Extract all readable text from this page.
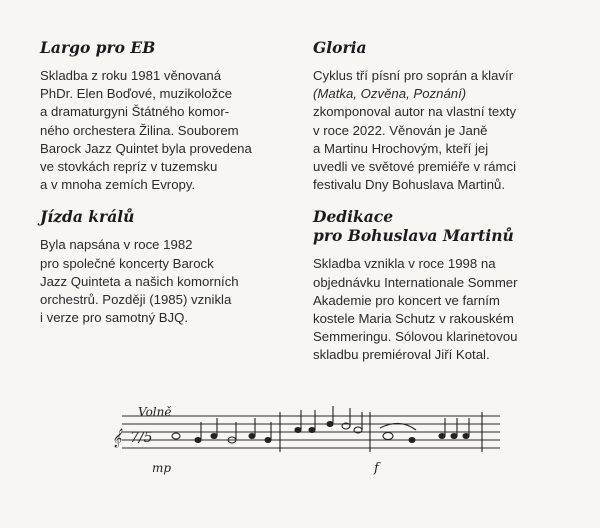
Largo pro EB

Skladba z roku 1981 věnovaná
PhDr. Elen Boďové, muzikoložce
a dramaturgyni Štátného komor-
ného orchestera Žilina. Souborem
Barock Jazz Quintet byla provedena
ve stovkách repríz v tuzemsku
a v mnoha zemích Evropy.

Jízda králů

Byla napsána v roce 1982
pro společné koncerty Barock
Jazz Quinteta a našich komorních
orchestrů. Později (1985) vznikla
i verze pro samotný BJQ.

Gloria

Cyklus tří písní pro soprán a klavír
(Matka, Ozvěna, Poznání)
zkomponoval autor na vlastní texty
v roce 2022. Věnován je Janě
a Martinu Hrochovým, kteří jej
uvedli ve světové premiéře v rámci
festivalu Dny Bohuslava Martinů.

Dedikace
pro Bohuslava Martinů

Skladba vznikla v roce 1998 na
objednávku Internationale Sommer
Akademie pro koncert ve farním
kostele Maria Schutz v rakouském
Semmeringu. Sólovou klarinetovou
skladbu premiéroval Jiří Kotal.

Volně
𝄞 7/5
mp	f
